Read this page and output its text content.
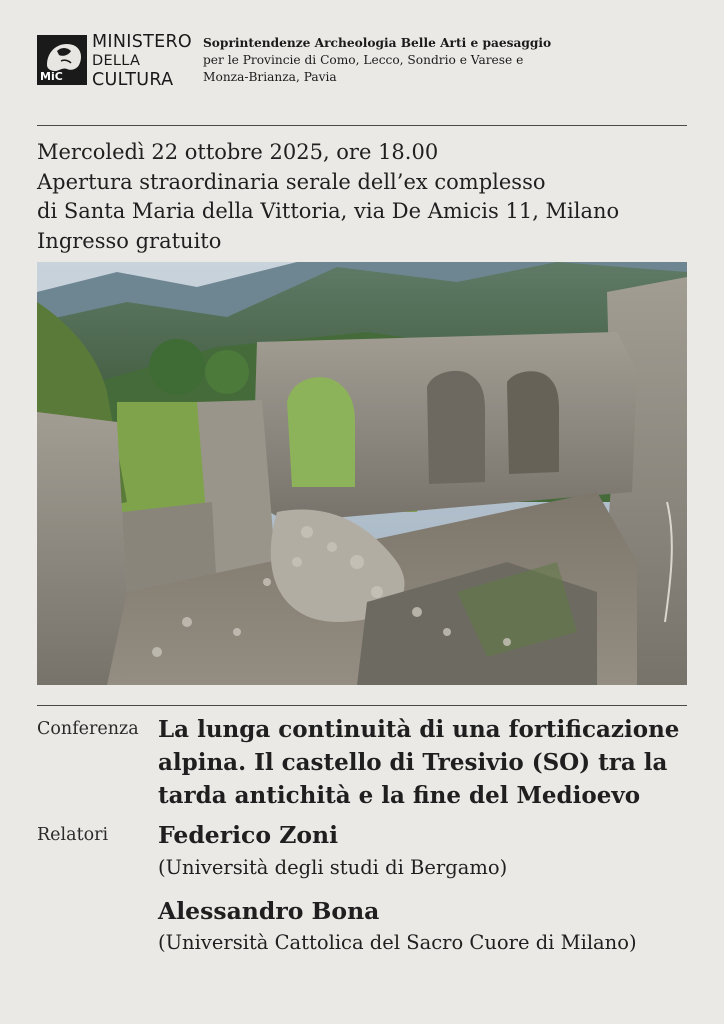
MiC
MINISTERO
DELLA
CULTURA
Soprintendenze Archeologia Belle Arti e paesaggio
per le Provincie di Como, Lecco, Sondrio e Varese e
Monza-Brianza, Pavia
Mercoledì 22 ottobre 2025, ore 18.00
Apertura straordinaria serale dell’ex complesso
di Santa Maria della Vittoria, via De Amicis 11, Milano
Ingresso gratuito
Conferenza La lunga continuità di una fortificazione
alpina. Il castello di Tresivio (SO) tra la
tarda antichità e la fine del Medioevo
Relatori Federico Zoni
(Università degli studi di Bergamo)
Alessandro Bona
(Università Cattolica del Sacro Cuore di Milano)
